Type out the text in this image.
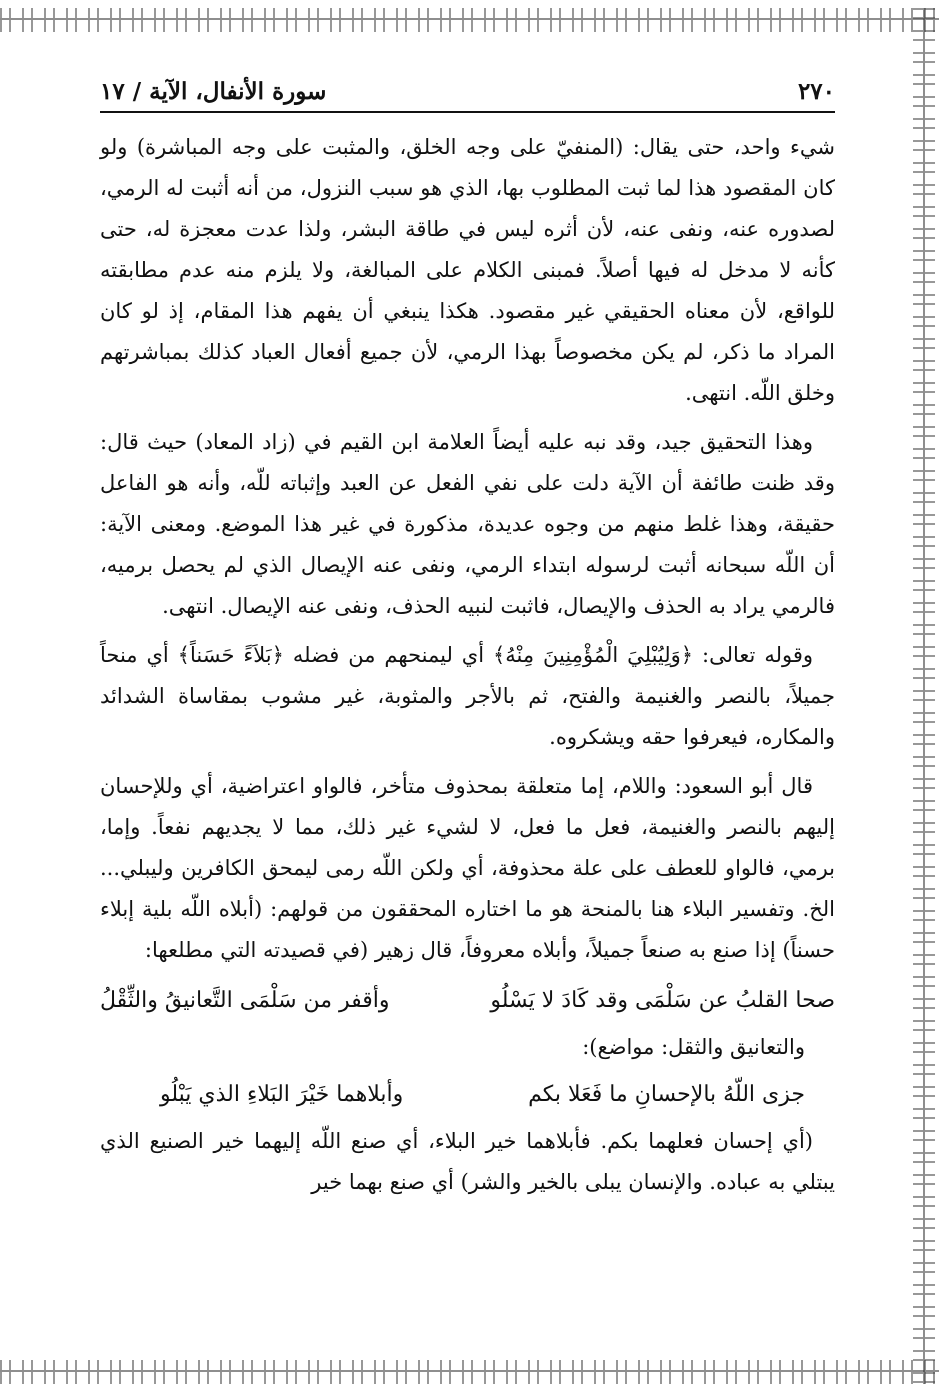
٢٧٠
سورة الأنفال، الآية / ١٧

شيء واحد، حتى يقال: (المنفيّ على وجه الخلق، والمثبت على وجه المباشرة) ولو كان المقصود هذا لما ثبت المطلوب بها، الذي هو سبب النزول، من أنه أثبت له الرمي، لصدوره عنه، ونفى عنه، لأن أثره ليس في طاقة البشر، ولذا عدت معجزة له، حتى كأنه لا مدخل له فيها أصلاً. فمبنى الكلام على المبالغة، ولا يلزم منه عدم مطابقته للواقع، لأن معناه الحقيقي غير مقصود. هكذا ينبغي أن يفهم هذا المقام، إذ لو كان المراد ما ذكر، لم يكن مخصوصاً بهذا الرمي، لأن جميع أفعال العباد كذلك بمباشرتهم وخلق اللّه. انتهى.

وهذا التحقيق جيد، وقد نبه عليه أيضاً العلامة ابن القيم في (زاد المعاد) حيث قال: وقد ظنت طائفة أن الآية دلت على نفي الفعل عن العبد وإثباته للّه، وأنه هو الفاعل حقيقة، وهذا غلط منهم من وجوه عديدة، مذكورة في غير هذا الموضع. ومعنى الآية: أن اللّه سبحانه أثبت لرسوله ابتداء الرمي، ونفى عنه الإيصال الذي لم يحصل برميه، فالرمي يراد به الحذف والإيصال، فاثبت لنبيه الحذف، ونفى عنه الإيصال. انتهى.

وقوله تعالى: ﴿وَلِيُبْلِيَ الْمُؤْمِنِينَ مِنْهُ﴾ أي ليمنحهم من فضله ﴿بَلاَءً حَسَناً﴾ أي منحاً جميلاً، بالنصر والغنيمة والفتح، ثم بالأجر والمثوبة، غير مشوب بمقاساة الشدائد والمكاره، فيعرفوا حقه ويشكروه.

قال أبو السعود: واللام، إما متعلقة بمحذوف متأخر، فالواو اعتراضية، أي وللإحسان إليهم بالنصر والغنيمة، فعل ما فعل، لا لشيء غير ذلك، مما لا يجديهم نفعاً. وإما، برمي، فالواو للعطف على علة محذوفة، أي ولكن اللّه رمى ليمحق الكافرين وليبلي... الخ. وتفسير البلاء هنا بالمنحة هو ما اختاره المحققون من قولهم: (أبلاه اللّه بلية إبلاء حسناً) إذا صنع به صنعاً جميلاً، وأبلاه معروفاً، قال زهير (في قصيدته التي مطلعها:

صحا القلبُ عن سَلْمَى وقد كَادَ لا يَسْلُو
وأقفر من سَلْمَى التَّعانيقُ والثِّقْلُ
والتعانيق والثقل: مواضع):
جزى اللّهُ بالإحسانِ ما فَعَلا بكم
وأبلاهما خَيْرَ البَلاءِ الذي يَبْلُو

(أي إحسان فعلهما بكم. فأبلاهما خير البلاء، أي صنع اللّه إليهما خير الصنيع الذي يبتلي به عباده. والإنسان يبلى بالخير والشر) أي صنع بهما خير
